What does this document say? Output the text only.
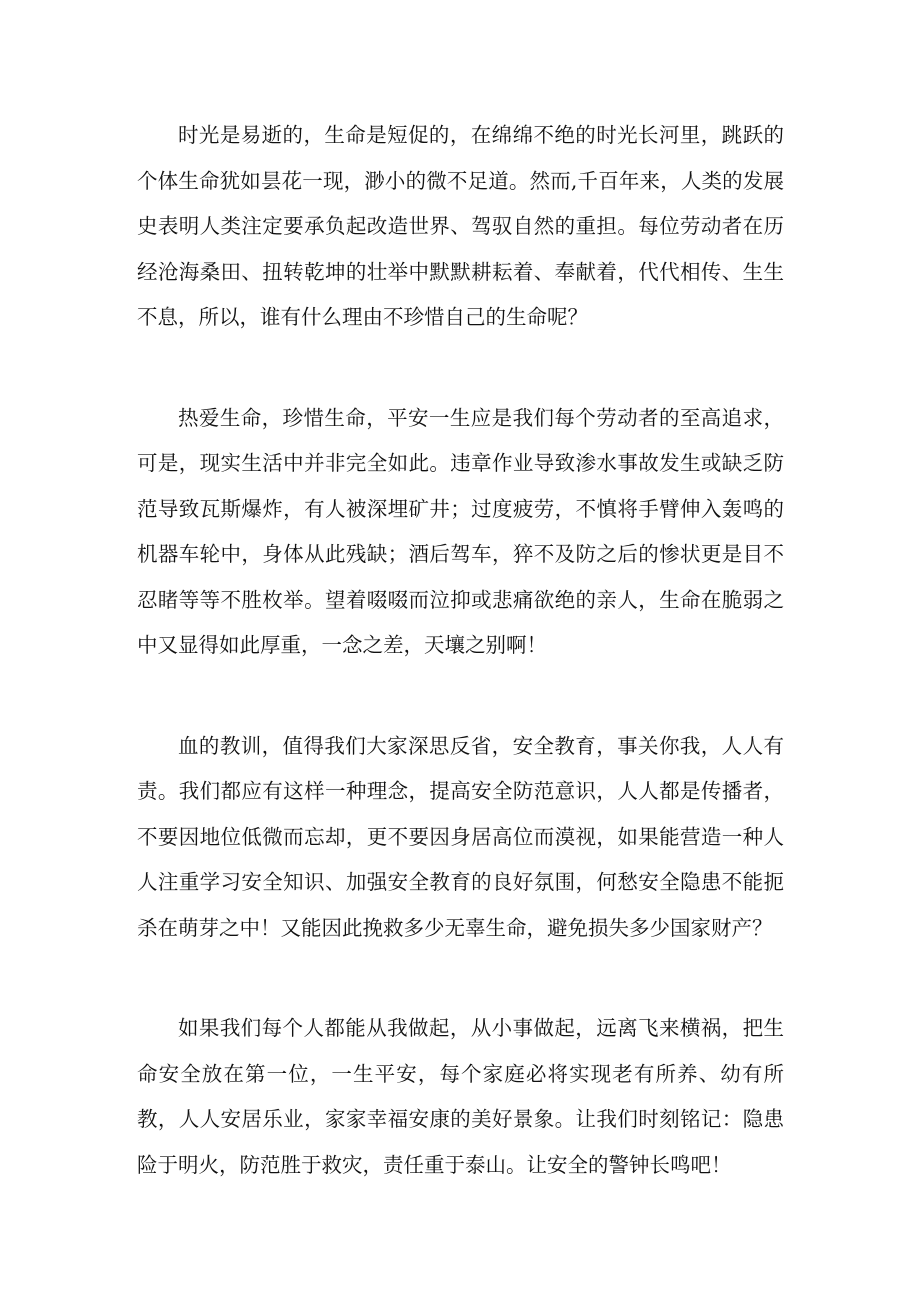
时光是易逝的，生命是短促的，在绵绵不绝的时光长河里，跳跃的个体生命犹如昙花一现，渺小的微不足道。然而,千百年来，人类的发展史表明人类注定要承负起改造世界、驾驭自然的重担。每位劳动者在历经沧海桑田、扭转乾坤的壮举中默默耕耘着、奉献着，代代相传、生生不息，所以，谁有什么理由不珍惜自己的生命呢？

热爱生命，珍惜生命，平安一生应是我们每个劳动者的至高追求，可是，现实生活中并非完全如此。违章作业导致渗水事故发生或缺乏防范导致瓦斯爆炸，有人被深埋矿井；过度疲劳，不慎将手臂伸入轰鸣的机器车轮中，身体从此残缺；酒后驾车，猝不及防之后的惨状更是目不忍睹等等不胜枚举。望着啜啜而泣抑或悲痛欲绝的亲人，生命在脆弱之中又显得如此厚重，一念之差，天壤之别啊！

血的教训，值得我们大家深思反省，安全教育，事关你我，人人有责。我们都应有这样一种理念，提高安全防范意识，人人都是传播者，不要因地位低微而忘却，更不要因身居高位而漠视，如果能营造一种人人注重学习安全知识、加强安全教育的良好氛围，何愁安全隐患不能扼杀在萌芽之中！又能因此挽救多少无辜生命，避免损失多少国家财产？

如果我们每个人都能从我做起，从小事做起，远离飞来横祸，把生命安全放在第一位，一生平安，每个家庭必将实现老有所养、幼有所教，人人安居乐业，家家幸福安康的美好景象。让我们时刻铭记：隐患险于明火，防范胜于救灾，责任重于泰山。让安全的警钟长鸣吧！
